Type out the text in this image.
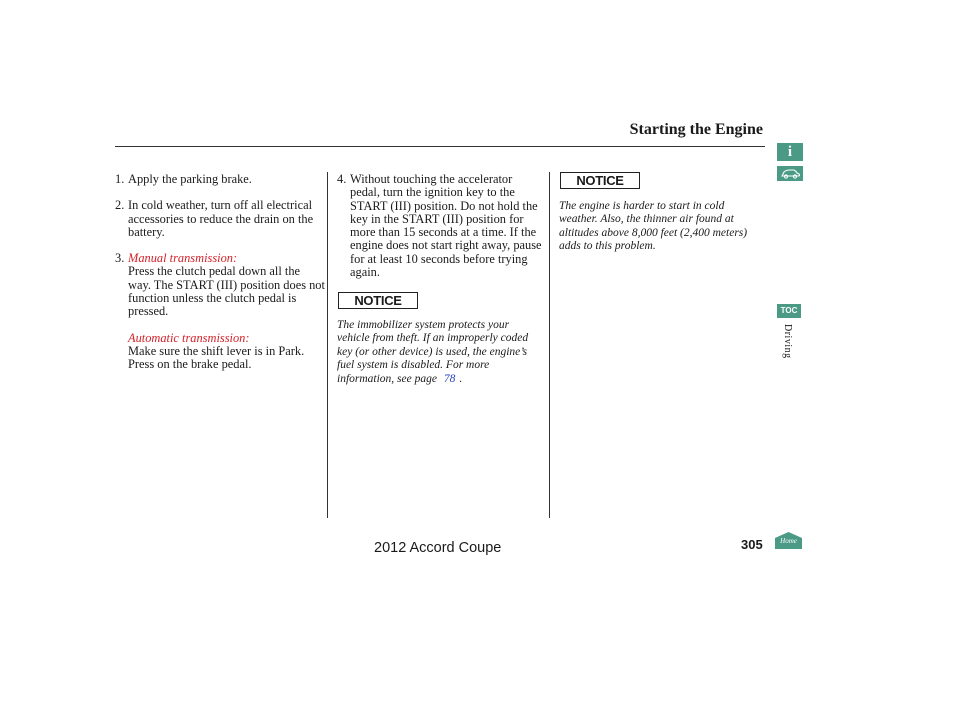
Starting the Engine
1. Apply the parking brake.
2. In cold weather, turn off all electrical accessories to reduce the drain on the battery.
3. Manual transmission:
Press the clutch pedal down all the way. The START (III) position does not function unless the clutch pedal is pressed.
Automatic transmission:
Make sure the shift lever is in Park. Press on the brake pedal.
4. Without touching the accelerator pedal, turn the ignition key to the START (III) position. Do not hold the key in the START (III) position for more than 15 seconds at a time. If the engine does not start right away, pause for at least 10 seconds before trying again.
NOTICE
The immobilizer system protects your vehicle from theft. If an improperly coded key (or other device) is used, the engine’s fuel system is disabled. For more information, see page 78 .
NOTICE
The engine is harder to start in cold weather. Also, the thinner air found at altitudes above 8,000 feet (2,400 meters) adds to this problem.
i
TOC
Driving
2012 Accord Coupe	305	Home
